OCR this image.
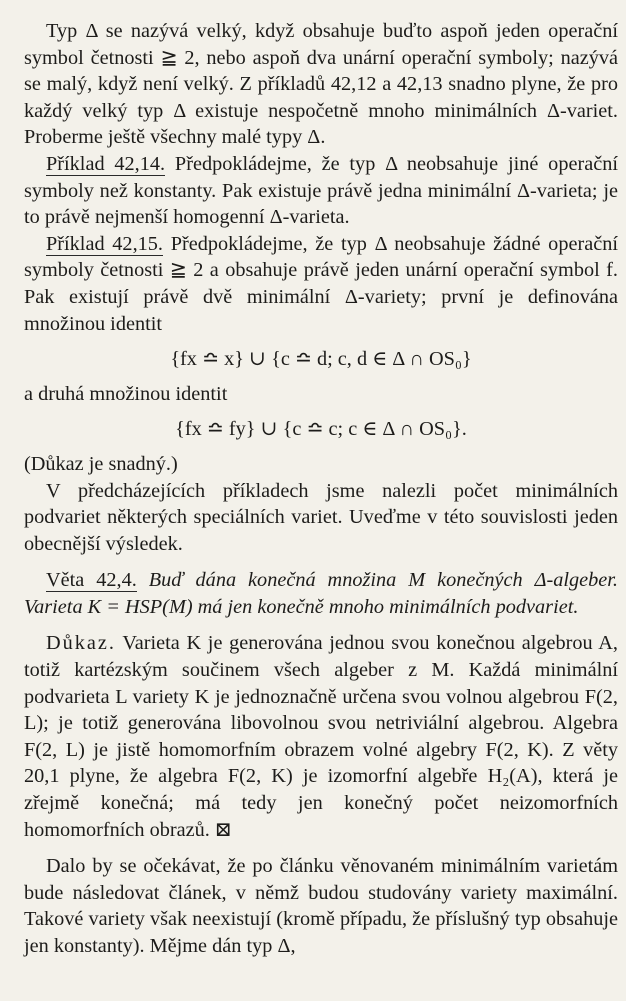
Typ Δ se nazývá velký, když obsahuje buďto aspoň jeden operační symbol četnosti ≧ 2, nebo aspoň dva unární operační symboly; nazývá se malý, když není velký. Z příkladů 42,12 a 42,13 snadno plyne, že pro každý velký typ Δ existuje nespočetně mnoho minimálních Δ-variet. Proberme ještě všechny malé typy Δ.

Příklad 42,14. Předpokládejme, že typ Δ neobsahuje jiné operační symboly než konstanty. Pak existuje právě jedna minimální Δ-varieta; je to právě nejmenší homogenní Δ-varieta.

Příklad 42,15. Předpokládejme, že typ Δ neobsahuje žádné operační symboly četnosti ≧ 2 a obsahuje právě jeden unární operační symbol f. Pak existují právě dvě minimální Δ-variety; první je definována množinou identit

{fx ≏ x} ∪ {c ≏ d; c, d ∈ Δ ∩ OS₀}

a druhá množinou identit

{fx ≏ fy} ∪ {c ≏ c; c ∈ Δ ∩ OS₀}.

(Důkaz je snadný.)

V předcházejících příkladech jsme nalezli počet minimálních podvariet některých speciálních variet. Uveďme v této souvislosti jeden obecnější výsledek.

Věta 42,4. Buď dána konečná množina M konečných Δ-algeber. Varieta K = HSP(M) má jen konečně mnoho minimálních podvariet.

Důkaz. Varieta K je generována jednou svou konečnou algebrou A, totiž kartézským součinem všech algeber z M. Každá minimální podvarieta L variety K je jednoznačně určena svou volnou algebrou F(2, L); je totiž generována libovolnou svou netriviální algebrou. Algebra F(2, L) je jistě homomorfním obrazem volné algebry F(2, K). Z věty 20,1 plyne, že algebra F(2, K) je izomorfní algebře H₂(A), která je zřejmě konečná; má tedy jen konečný počet neizomorfních homomorfních obrazů. ⊠

Dalo by se očekávat, že po článku věnovaném minimálním varietám bude následovat článek, v němž budou studovány variety maximální. Takové variety však neexistují (kromě případu, že příslušný typ obsahuje jen konstanty). Mějme dán typ Δ,
